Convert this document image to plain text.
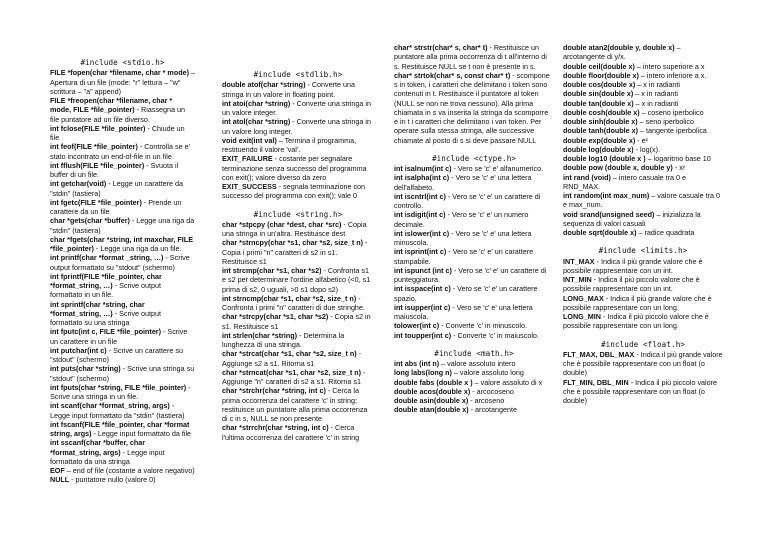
#include <stdio.h>
FILE *fopen(char *filename, char * mode) – Apertura di un file (mode: "r" lettura – "w" scrittura – "a" append)
FILE *freopen(char *filename, char * mode, FILE *file_pointer) - Riassegna un file puntatore ad un file diverso.
int fclose(FILE *file_pointer) - Chiude un file
int feof(FILE *file_pointer) - Controlla se e' stato incontrato un end-of-file in un file.
int fflush(FILE *file_pointer) - Svuota il buffer di un file.
int getchar(void) - Legge un carattere da "stdin" (tastiera)
int fgetc(FILE *file_pointer) - Prende un carattere da un file
char *gets(char *buffer) - Legge una riga da "stdin" (tastiera)
char *fgets(char *string, int maxchar, FILE *file_pointer) - Legge una riga da un file.
int printf(char *format _string, …) - Scrive output formattato su "stdout" (schermo)
int fprintf(FILE *file_pointer, char *format_string, …) - Scrive output formattato in un file.
int sprintf(char *string, char *format_string, …) - Scrive output formattato su una stringa
int fputc(int c, FILE *file_pointer) - Scrive un carattere in un file
int putchar(int c) - Scrive un carattere su "stdout" (schermo)
int puts(char *string) - Scrive una stringa su "stdout" (schermo)
int fputs(char *string, FILE *file_pointer) - Scrive una stringa in un file.
int scanf(char *format_string, args) - Legge input formattato da "stdin" (tastiera)
int fscanf(FILE *file_pointer, char *format string, args) - Legge input formattato da file
int sscanf(char *buffer, char *format_string, args) - Legge input formattato da una stringa
EOF – end of file (costante a valore negativo)
NULL - puntatore nullo (valore 0)
#include <stdlib.h>
double atof(char *string) - Converte una stringa in un valore in floating point.
int atoi(char *string) - Converte una stringa in un valore integer.
int atol(char *string) - Converte una stringa in un valore long integer.
void exit(int val) – Termina il programma, restituendo il valore 'val'.
EXIT_FAILURE - costante per segnalare terminazione senza successo del programma con exit(); valore diverso da zero
EXIT_SUCCESS - segnala terminazione con successo del programma con exit(); vale 0
#include <string.h>
char *stpcpy (char *dest, char *src) - Copia una stringa in un'altra. Restituisce dest
char *strncpy(char *s1, char *s2, size_t n) - Copia i primi "n" caratteri di s2 in s1. Restituisce s1
int strcmp(char *s1, char *s2) - Confronta s1 e s2 per determinare l'ordine alfabetico (<0, s1 prima di s2, 0 uguali, >0 s1 dopo s2)
int strncmp(char *s1, char *s2, size_t n) - Confronta i primi "n" caratteri di due stringhe.
char *strcpy(char *s1, char *s2) - Copia s2 in s1. Restituisce s1
int strlen(char *string) - Determina la lunghezza di una stringa.
char *strcat(char *s1, char *s2, size_t n) - Aggiunge s2 a s1. Ritorna s1
char *strncat(char *s1, char *s2, size_t n) - Aggiunge "n" caratteri di s2 a s1. Ritorna s1
char *strchr(char *string, int c) - Cerca la prima occorrenza del carattere 'c' in string; restituisce un puntatore alla prima occorrenza di c in s, NULL se non presente
char *strrchr(char *string, int c) - Cerca l'ultima occorrenza del carattere 'c' in string
char* strstr(char* s, char* t) - Restituisce un puntatore alla prima occorrenza di t all'interno di s. Restituisce NULL se t non è presente in s.
char* strtok(char* s, const char* t) - scompone s in token, i caratteri che delimitano i token sono contenuti in t. Restituisce il puntatore al token (NULL se non ne trova nessuno). Alla prima chiamata in s va inserita la stringa da scomporre e in t i caratteri che delimitano i vari token. Per operare sulla stessa stringa, alle successive chiamate al posto di s si deve passare NULL
#include <ctype.h>
int isalnum(int c) - Vero se 'c' e' alfanumerico.
int isalpha(int c) - Vero se 'c' e' una lettera dell'alfabeto.
int iscntrl(int c) - Vero se 'c' e' un carattere di controllo.
int isdigit(int c) - Vero se 'c' e' un numero decimale.
int islower(int c) - Vero se 'c' e' una lettera minuscola.
int isprint(int c) - Vero se 'c' e' un carattere stampabile.
int ispunct (int c) - Vero se 'c' e' un carattere di punteggiatura.
int isspace(int c) - Vero se 'c' e' un carattere spazio.
int isupper(int c) - Vero se 'c' e' una lettera maiuscola.
tolower(int c) - Converte 'c' in minuscolo.
int toupper(int c) - Converte 'c' in maiuscolo.
#include <math.h>
int abs (int n) – valore assoluto intero
long labs(long n) – valore assoluto long
double fabs (double x ) – valore assoluto di x
double acos(double x) - arcocoseno
double asin(double x) - arcoseno
double atan(double x) - arcotangente
double atan2(double y, double x) – arcotangente di y/x.
double ceil(double x) – intero superiore a x
double floor(double x) – intero inferiore a x.
double cos(double x) – x in radianti
double sin(double x) – x in radianti
double tan(double x) – x in radianti
double cosh(double x) – coseno iperbolico
double sinh(double x) – seno iperbolico
double tanh(double x) – tangente iperbolica
double exp(double x) - eˣ
double log(double x) - log(x).
double log10 (double x ) – logaritmo base 10
double pow (double x, double y) - xʸ
int rand (void) – intero casuale tra 0 e RND_MAX.
int random(int max_num) – valore casuale tra 0 e max_num.
void srand(unsigned seed) – inizializza la sequenza di valori casuali
double sqrt(double x) – radice quadrata
#include <limits.h>
INT_MAX - Indica il più grande valore che è possibile rappresentare con un int.
INT_MIN - Indica il più piccolo valore che è possibile rappresentare con un int.
LONG_MAX - Indica il più grande valore che è possibile rappresentare con un long.
LONG_MIN - Indica il più piccolo valore che è possibile rappresentare con un long.
#include <float.h>
FLT_MAX, DBL_MAX - Indica il più grande valore che è possibile rappresentare con un float (o double)
FLT_MIN, DBL_MIN - Indica il più piccolo valore che è possibile rappresentare con un float (o double)
